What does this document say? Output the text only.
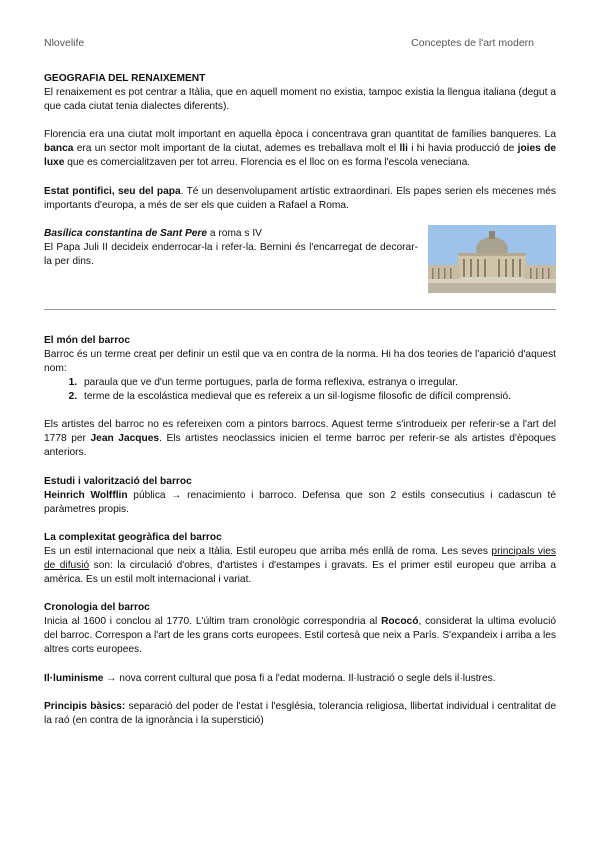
Nlovelife	Conceptes de l'art modern

GEOGRAFIA DEL RENAIXEMENT

El renaixement es pot centrar a Itàlia, que en aquell moment no existia, tampoc existia la llengua italiana (degut a que cada ciutat tenia dialectes diferents).

Florencia era una ciutat molt important en aquella època i concentrava gran quantitat de famílies banqueres. La banca era un sector molt important de la ciutat, ademes es treballava molt el lli i hi havia producció de joies de luxe que es comercialitzaven per tot arreu. Florencia es el lloc on es forma l'escola veneciana.

Estat pontifici, seu del papa. Té un desenvolupament artístic extraordinari. Els papes serien els mecenes més importants d'europa, a més de ser els que cuiden a Rafael a Roma.

Basílica constantina de Sant Pere a roma s IV

El Papa Juli II decideix enderrocar-la i refer-la. Bernini és l'encarregat de decorar-la per dins.

El món del barroc

Barroc és un terme creat per definir un estil que va en contra de la norma. Hi ha dos teories de l'aparició d'aquest nom:

1. paraula que ve d'un terme portugues, parla de forma reflexiva, estranya o irregular.
2. terme de la escolástica medieval que es refereix a un sil·logisme filosofic de difícil comprensió.

Els artistes del barroc no es refereixen com a pintors barrocs. Aquest terme s'introdueix per referir-se a l'art del 1778 per Jean Jacques. Els artistes neoclassics inicien el terme barroc per referir-se als artistes d'èpoques anteriors.

Estudi i valorització del barroc

Heinrich Wolfflin pública → renacimiento i barroco. Defensa que son 2 estils consecutius i cadascun té paràmetres propis.

La complexitat geogràfica del barroc

Es un estil internacional que neix a Itàlia. Estil europeu que arriba més enllà de roma. Les seves principals vies de difusió son: la circulació d'obres, d'artistes i d'estampes i gravats. Es el primer estil europeu que arriba a amèrica. Es un estil molt internacional i variat.

Cronologia del barroc

Inicia al 1600 i conclou al 1770. L'últim tram cronològic correspondria al Rococó, considerat la ultima evolució del barroc. Correspon a l'art de les grans corts europees. Estil cortesà que neix a París. S'expandeix i arriba a les altres corts europees.

Il·luminisme → nova corrent cultural que posa fi a l'edat moderna. Il·lustració o segle dels il·lustres.

Principis bàsics: separació del poder de l'estat i l'església, tolerancia religiosa, llibertat individual i centralitat de la raó (en contra de la ignorància i la superstició)
